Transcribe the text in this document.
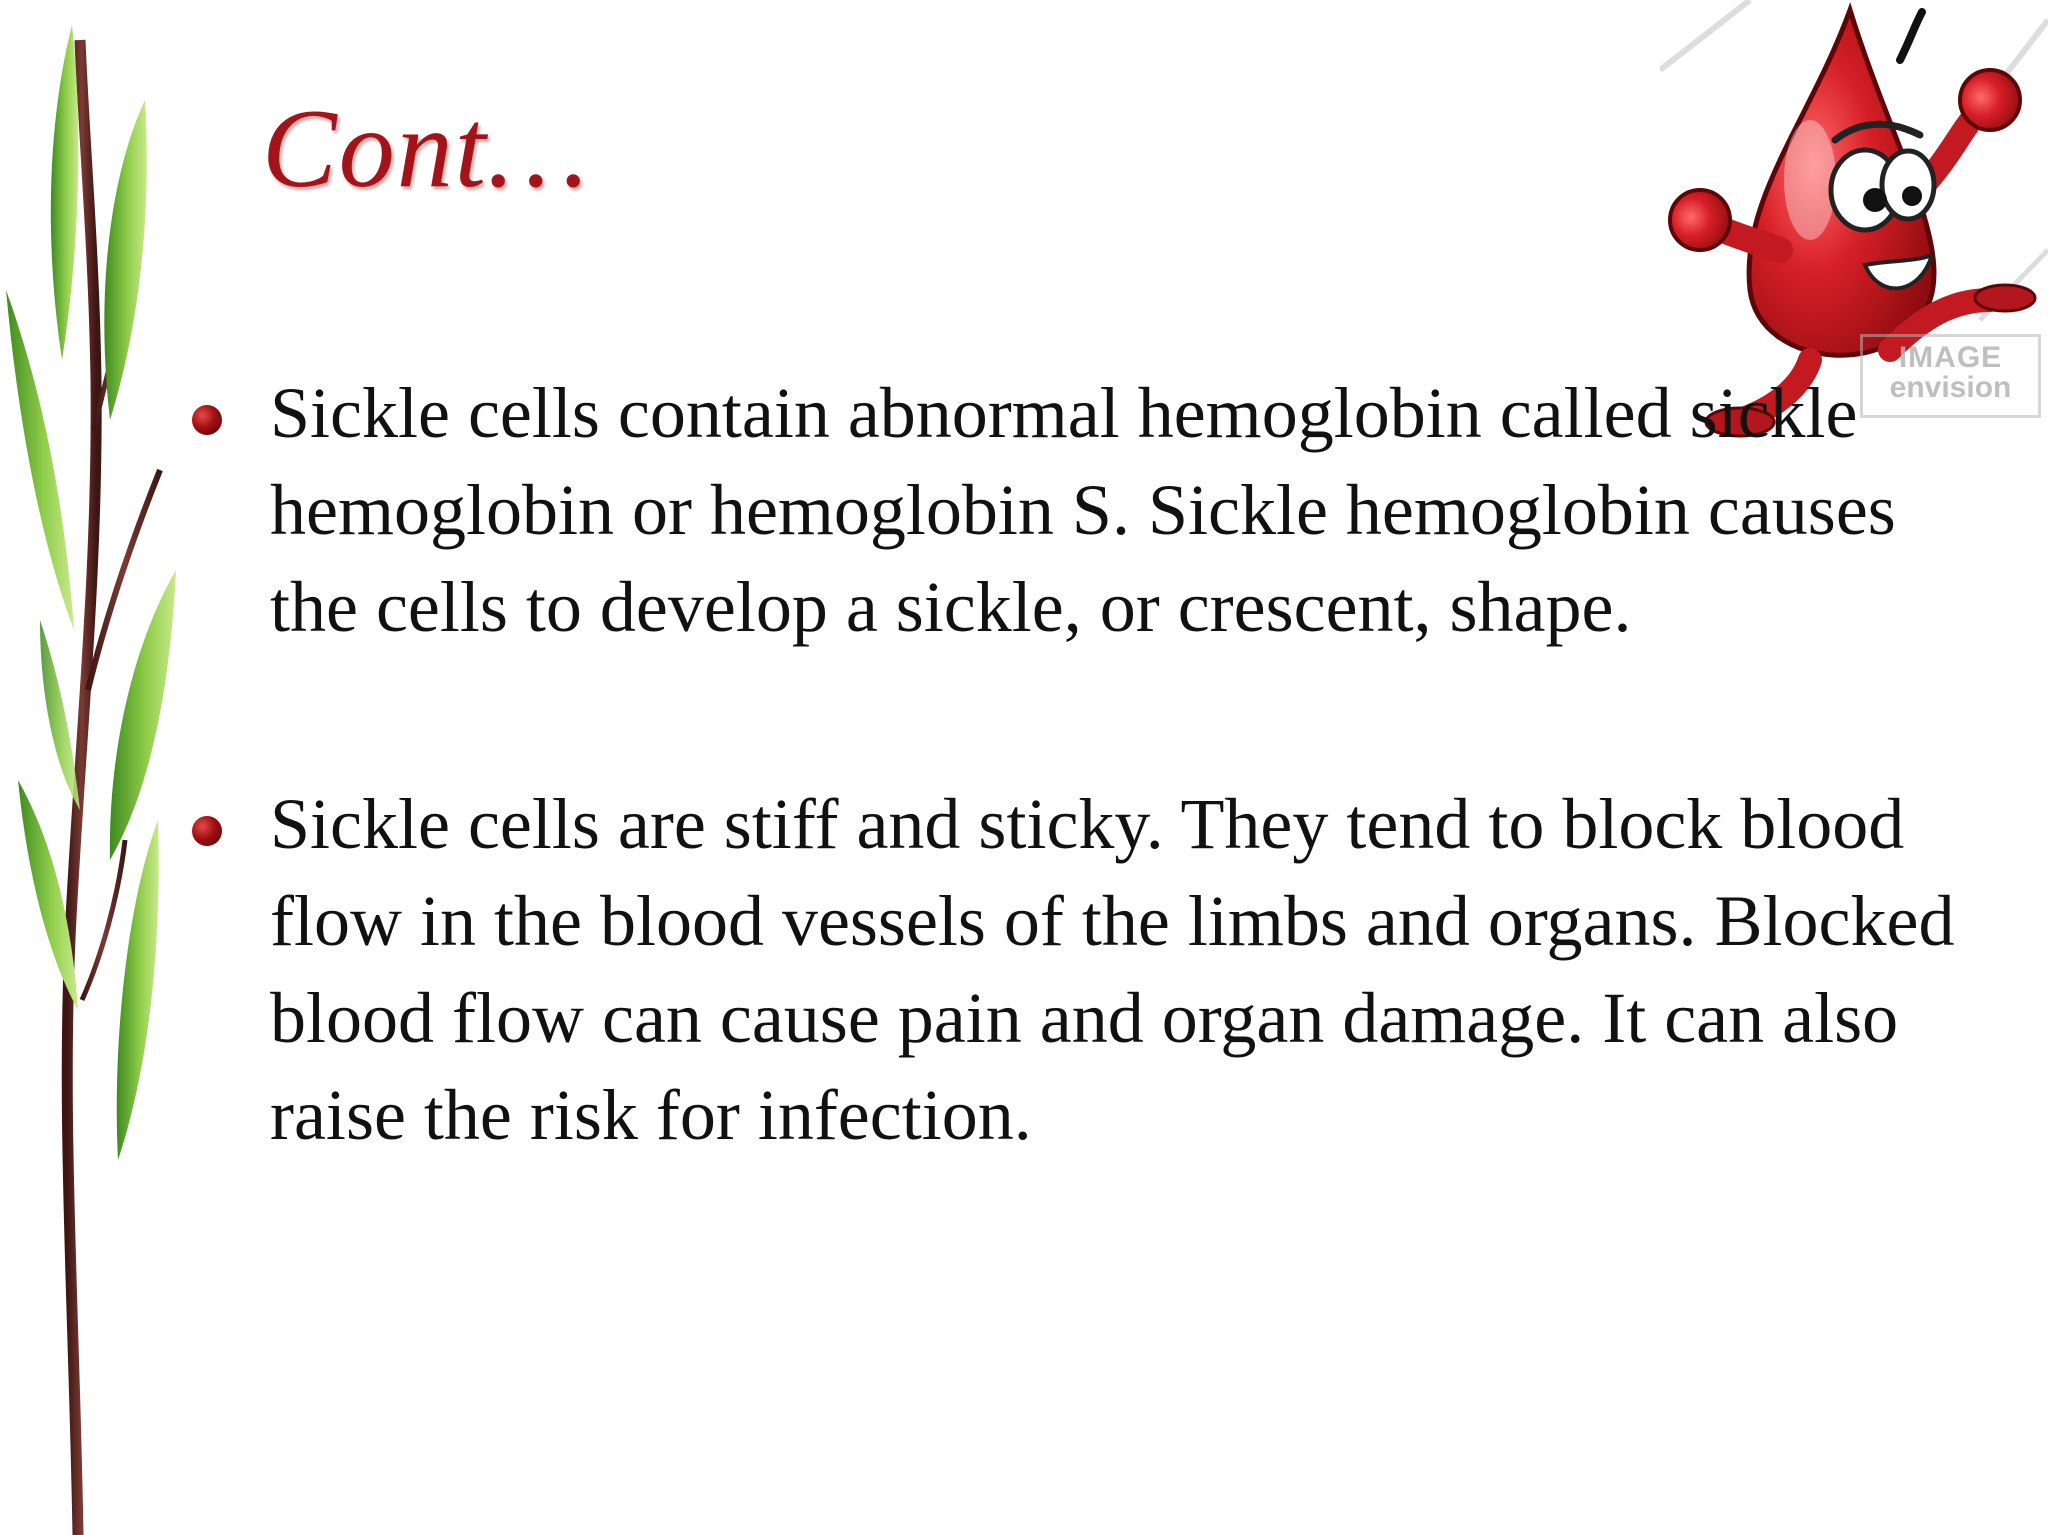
Cont…
IMAGE
envision
Sickle cells contain abnormal hemoglobin called sickle hemoglobin or hemoglobin S. Sickle hemoglobin causes the cells to develop a sickle, or crescent, shape.
Sickle cells are stiff and sticky. They tend to block blood flow in the blood vessels of the limbs and organs. Blocked blood flow can cause pain and organ damage. It can also raise the risk for infection.
